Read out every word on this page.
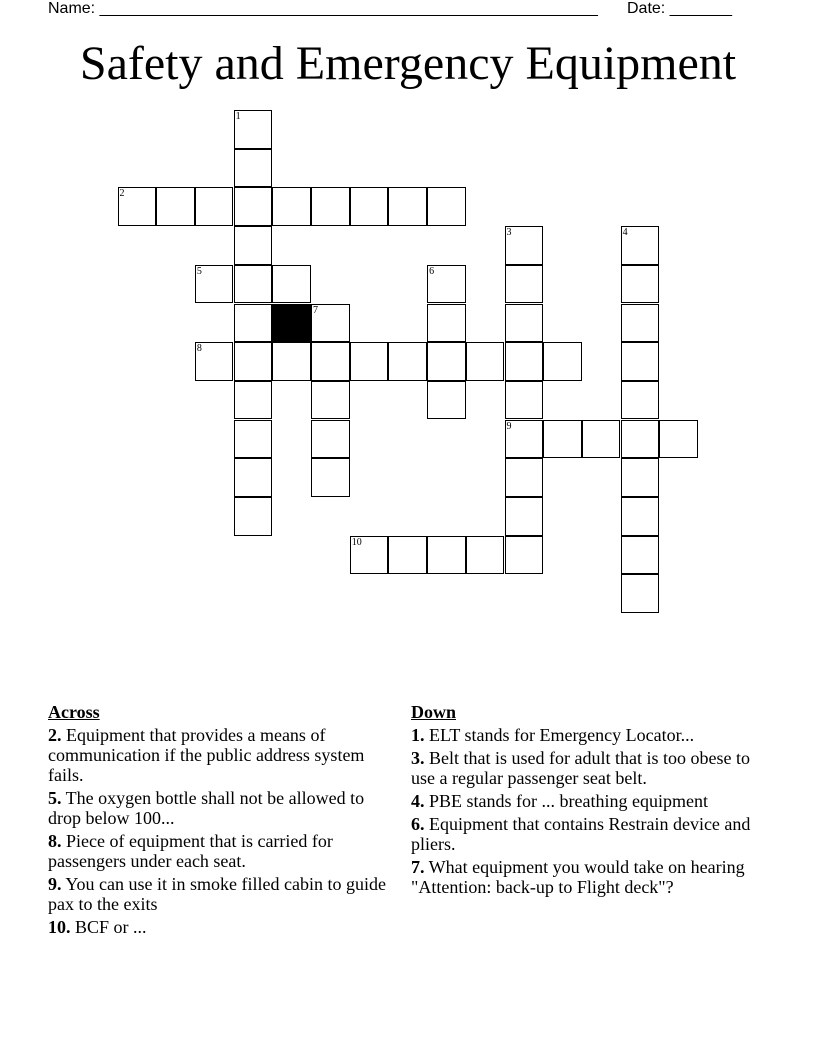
Name: ________________________________________________________ Date: _______
Safety and Emergency Equipment
1
2
3	4
5	6
7
8
9
10
Across
2. Equipment that provides a means of communication if the public address system fails.
5. The oxygen bottle shall not be allowed to drop below 100...
8. Piece of equipment that is carried for passengers under each seat.
9. You can use it in smoke filled cabin to guide pax to the exits
10. BCF or ...
Down
1. ELT stands for Emergency Locator...
3. Belt that is used for adult that is too obese to use a regular passenger seat belt.
4. PBE stands for ... breathing equipment
6. Equipment that contains Restrain device and pliers.
7. What equipment you would take on hearing "Attention: back-up to Flight deck"?
